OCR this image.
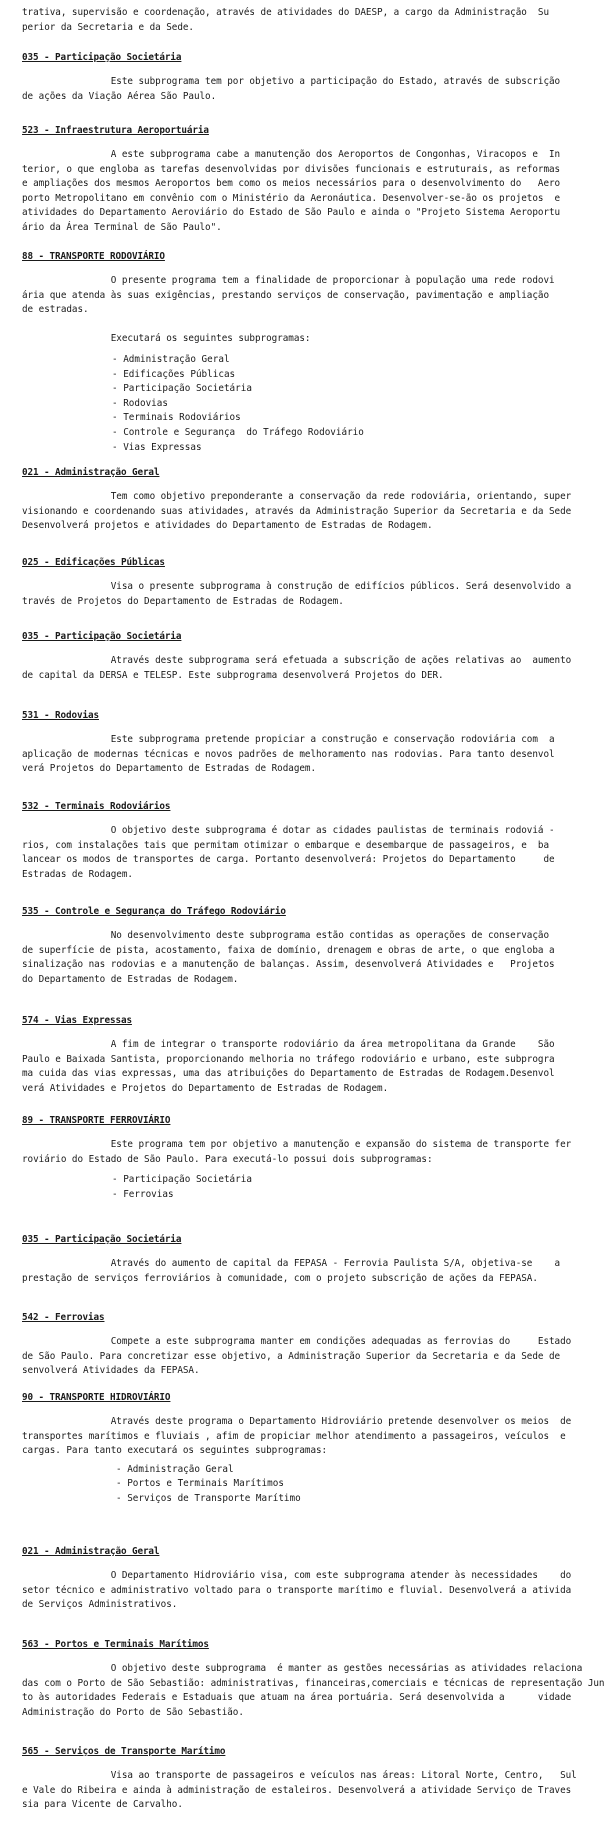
trativa, supervisão e coordenação, através de atividades do DAESP, a cargo da Administração  Su
perior da Secretaria e da Sede.
035 - Participação Societária
Este subprograma tem por objetivo a participação do Estado, através de subscrição
de ações da Viação Aérea São Paulo.
523 - Infraestrutura Aeroportuária
A este subprograma cabe a manutenção dos Aeroportos de Congonhas, Viracopos e  In
terior, o que engloba as tarefas desenvolvidas por divisões funcionais e estruturais, as reformas
e ampliações dos mesmos Aeroportos bem como os meios necessários para o desenvolvimento do   Aero
porto Metropolitano em convênio com o Ministério da Aeronáutica. Desenvolver-se-ão os projetos  e
atividades do Departamento Aeroviário do Estado de São Paulo e ainda o "Projeto Sistema Aeroportu
ário da Área Terminal de São Paulo".
88 - TRANSPORTE RODOVIÁRIO
O presente programa tem a finalidade de proporcionar à população uma rede rodovi
ária que atenda às suas exigências, prestando serviços de conservação, pavimentação e ampliação
de estradas.
Executará os seguintes subprogramas:
- Administração Geral
- Edificações Públicas
- Participação Societária
- Rodovias
- Terminais Rodoviários
- Controle e Segurança  do Tráfego Rodoviário
- Vias Expressas
021 - Administração Geral
Tem como objetivo preponderante a conservação da rede rodoviária, orientando, super
visionando e coordenando suas atividades, através da Administração Superior da Secretaria e da Sede
Desenvolverá projetos e atividades do Departamento de Estradas de Rodagem.
025 - Edificações Públicas
Visa o presente subprograma à construção de edifícios públicos. Será desenvolvido a
través de Projetos do Departamento de Estradas de Rodagem.
035 - Participação Societária
Através deste subprograma será efetuada a subscrição de ações relativas ao  aumento
de capital da DERSA e TELESP. Este subprograma desenvolverá Projetos do DER.
531 - Rodovias
Este subprograma pretende propiciar a construção e conservação rodoviária com  a
aplicação de modernas técnicas e novos padrões de melhoramento nas rodovias. Para tanto desenvol
verá Projetos do Departamento de Estradas de Rodagem.
532 - Terminais Rodoviários
O objetivo deste subprograma é dotar as cidades paulistas de terminais rodoviá -
rios, com instalações tais que permitam otimizar o embarque e desembarque de passageiros, e  ba
lancear os modos de transportes de carga. Portanto desenvolverá: Projetos do Departamento     de
Estradas de Rodagem.
535 - Controle e Segurança do Tráfego Rodoviário
No desenvolvimento deste subprograma estão contidas as operações de conservação
de superfície de pista, acostamento, faixa de domínio, drenagem e obras de arte, o que engloba a
sinalização nas rodovias e a manutenção de balanças. Assim, desenvolverá Atividades e   Projetos
do Departamento de Estradas de Rodagem.
574 - Vias Expressas
A fim de integrar o transporte rodoviário da área metropolitana da Grande    São
Paulo e Baixada Santista, proporcionando melhoria no tráfego rodoviário e urbano, este subprogra
ma cuida das vias expressas, uma das atribuições do Departamento de Estradas de Rodagem.Desenvol
verá Atividades e Projetos do Departamento de Estradas de Rodagem.
89 - TRANSPORTE FERROVIÁRIO
Este programa tem por objetivo a manutenção e expansão do sistema de transporte fer
roviário do Estado de São Paulo. Para executá-lo possui dois subprogramas:
- Participação Societária
- Ferrovias
035 - Participação Societária
Através do aumento de capital da FEPASA - Ferrovia Paulista S/A, objetiva-se    a
prestação de serviços ferroviários à comunidade, com o projeto subscrição de ações da FEPASA.
542 - Ferrovias
Compete a este subprograma manter em condições adequadas as ferrovias do     Estado
de São Paulo. Para concretizar esse objetivo, a Administração Superior da Secretaria e da Sede de
senvolverá Atividades da FEPASA.
90 - TRANSPORTE HIDROVIÁRIO
Através deste programa o Departamento Hidroviário pretende desenvolver os meios  de
transportes marítimos e fluviais , afim de propiciar melhor atendimento a passageiros, veículos  e
cargas. Para tanto executará os seguintes subprogramas:
- Administração Geral
- Portos e Terminais Marítimos
- Serviços de Transporte Marítimo
021 - Administração Geral
O Departamento Hidroviário visa, com este subprograma atender às necessidades    do
setor técnico e administrativo voltado para o transporte marítimo e fluvial. Desenvolverá a ativida
de Serviços Administrativos.
563 - Portos e Terminais Marítimos
O objetivo deste subprograma  é manter as gestões necessárias as atividades relaciona
das com o Porto de São Sebastião: administrativas, financeiras,comerciais e técnicas de representação Jun
to às autoridades Federais e Estaduais que atuam na área portuária. Será desenvolvida a      vidade
Administração do Porto de São Sebastião.
565 - Serviços de Transporte Marítimo
Visa ao transporte de passageiros e veículos nas áreas: Litoral Norte, Centro,   Sul
e Vale do Ribeira e ainda à administração de estaleiros. Desenvolverá a atividade Serviço de Traves
sia para Vicente de Carvalho.
